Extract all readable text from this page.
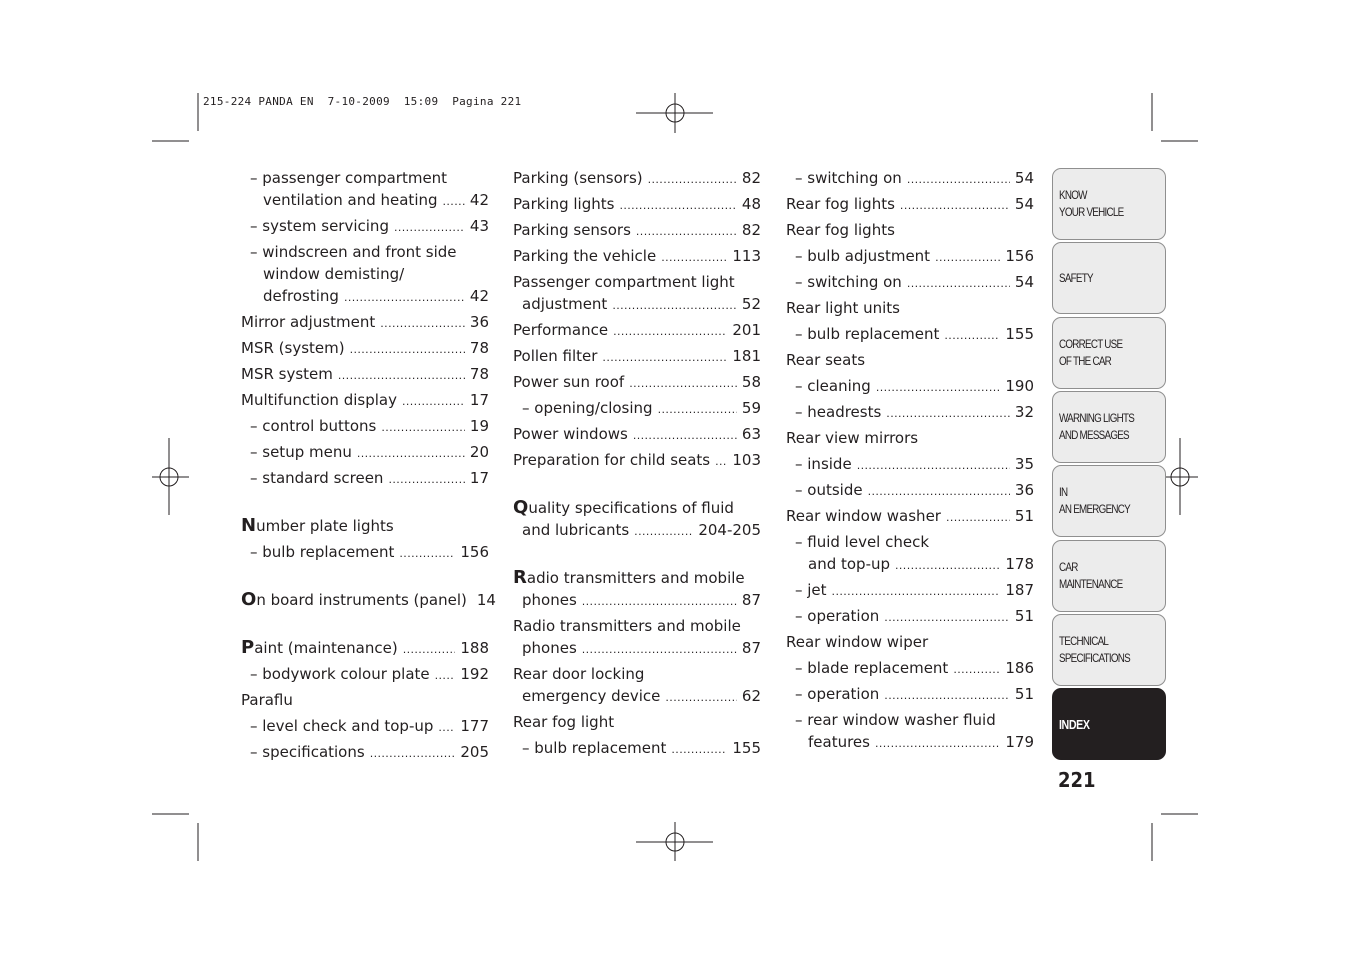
215-224 PANDA EN  7-10-2009  15:09  Pagina 221
– passenger compartment
ventilation and heating ..... 42
– system servicing .....	43
– windscreen and front side
window demisting/
defrosting .....	42
Mirror adjustment .....	36
MSR (system) .....	78
MSR system .....	78
Multifunction display .....	17
– control buttons .....	19
– setup menu .....	20
– standard screen .....	17
N umber plate lights
– bulb replacement .....	156
O n board instruments (panel) 14
P aint (maintenance) .....	188
– bodywork colour plate ..... 192
Paraflu
– level check and top-up ..... 177
– specifications .....	205
Parking (sensors) .....	82
Parking lights .....	48
Parking sensors .....	82
Parking the vehicle .....	113
Passenger compartment light
adjustment .....	52
Performance .....	201
Pollen filter .....	181
Power sun roof .....	58
– opening/closing .....	59
Power windows .....	63
Preparation for child seats ..... 103
Q uality specifications of fluid
and lubricants .....	204-205
R adio transmitters and mobile
phones .....	87
Radio transmitters and mobile
phones .....	87
Rear door locking
emergency device .....	62
Rear fog light
– bulb replacement .....	155
– switching on .....	54
Rear fog lights .....	54
Rear fog lights
– bulb adjustment .....	156
– switching on .....	54
Rear light units
– bulb replacement .....	155
Rear seats
– cleaning .....	190
– headrests .....	32
Rear view mirrors
– inside .....	35
– outside .....	36
Rear window washer .....	51
– fluid level check
and top-up .....	178
– jet .....	187
– operation .....	51
Rear window wiper
– blade replacement .....	186
– operation .....	51
– rear window washer fluid
features .....	179
KNOW
YOUR VEHICLE
SAFETY
CORRECT USE
OF THE CAR
WARNING LIGHTS
AND MESSAGES
IN
AN EMERGENCY
CAR
MAINTENANCE
TECHNICAL
SPECIFICATIONS
INDEX
221
